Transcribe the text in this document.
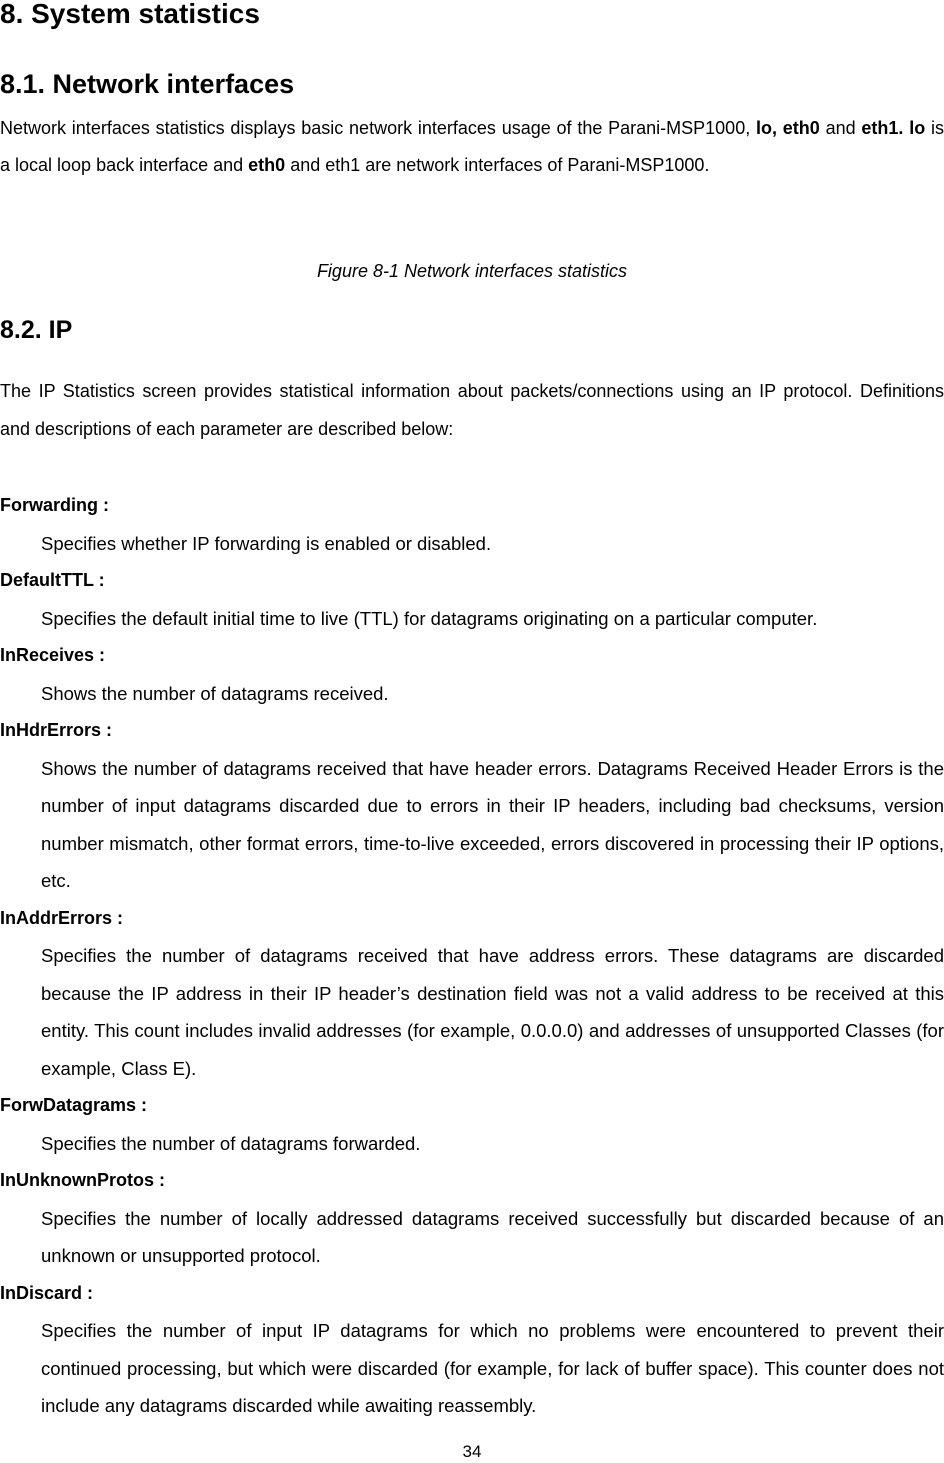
8. System statistics
8.1. Network interfaces

Network interfaces statistics displays basic network interfaces usage of the Parani-MSP1000, lo, eth0 and eth1. lo is a local loop back interface and eth0 and eth1 are network interfaces of Parani-MSP1000.

Figure 8-1 Network interfaces statistics
8.2. IP

The IP Statistics screen provides statistical information about packets/connections using an IP protocol. Definitions and descriptions of each parameter are described below:

Forwarding :
Specifies whether IP forwarding is enabled or disabled.
DefaultTTL :
Specifies the default initial time to live (TTL) for datagrams originating on a particular computer.
InReceives :
Shows the number of datagrams received.
InHdrErrors :
Shows the number of datagrams received that have header errors. Datagrams Received Header Errors is the number of input datagrams discarded due to errors in their IP headers, including bad checksums, version number mismatch, other format errors, time-to-live exceeded, errors discovered in processing their IP options, etc.
InAddrErrors :
Specifies the number of datagrams received that have address errors. These datagrams are discarded because the IP address in their IP header’s destination field was not a valid address to be received at this entity. This count includes invalid addresses (for example, 0.0.0.0) and addresses of unsupported Classes (for example, Class E).
ForwDatagrams :
Specifies the number of datagrams forwarded.
InUnknownProtos :
Specifies the number of locally addressed datagrams received successfully but discarded because of an unknown or unsupported protocol.
InDiscard :
Specifies the number of input IP datagrams for which no problems were encountered to prevent their continued processing, but which were discarded (for example, for lack of buffer space). This counter does not include any datagrams discarded while awaiting reassembly.
34
